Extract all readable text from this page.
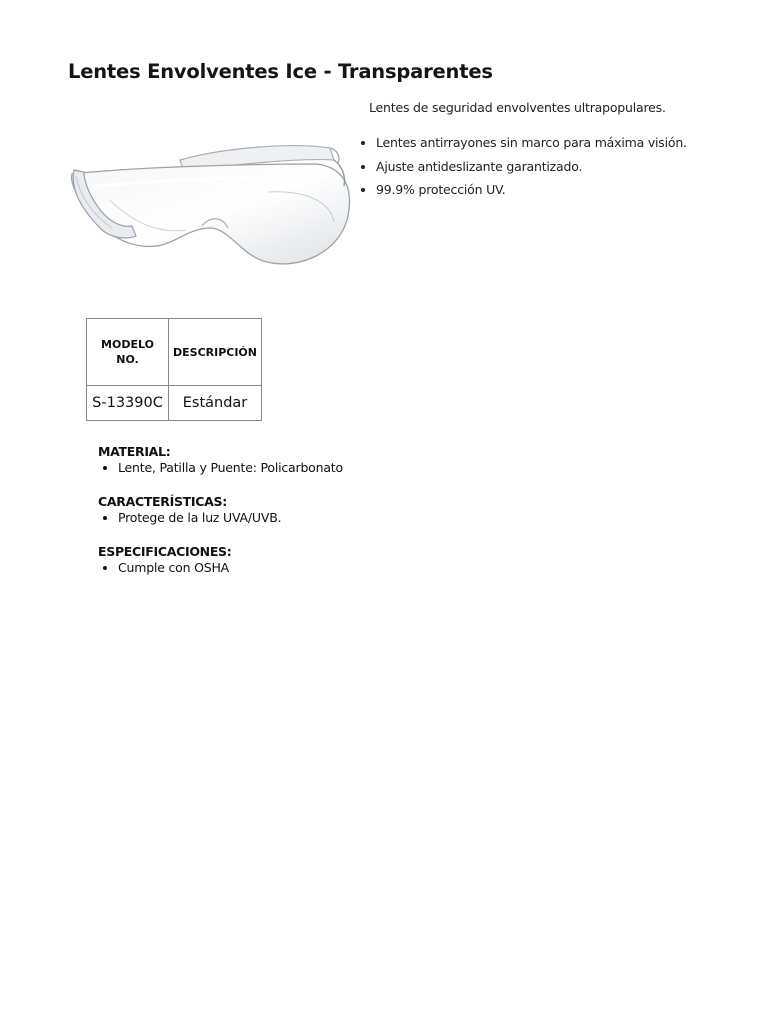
Lentes Envolventes Ice - Transparentes

Lentes de seguridad envolventes ultrapopulares.

• Lentes antirrayones sin marco para máxima visión.
• Ajuste antideslizante garantizado.
• 99.9% protección UV.
MODELO NO.	DESCRIPCIÓN
S-13390C	Estándar

MATERIAL:

• Lente, Patilla y Puente: Policarbonato

CARACTERÍSTICAS:

• Protege de la luz UVA/UVB.

ESPECIFICACIONES:

• Cumple con OSHA
